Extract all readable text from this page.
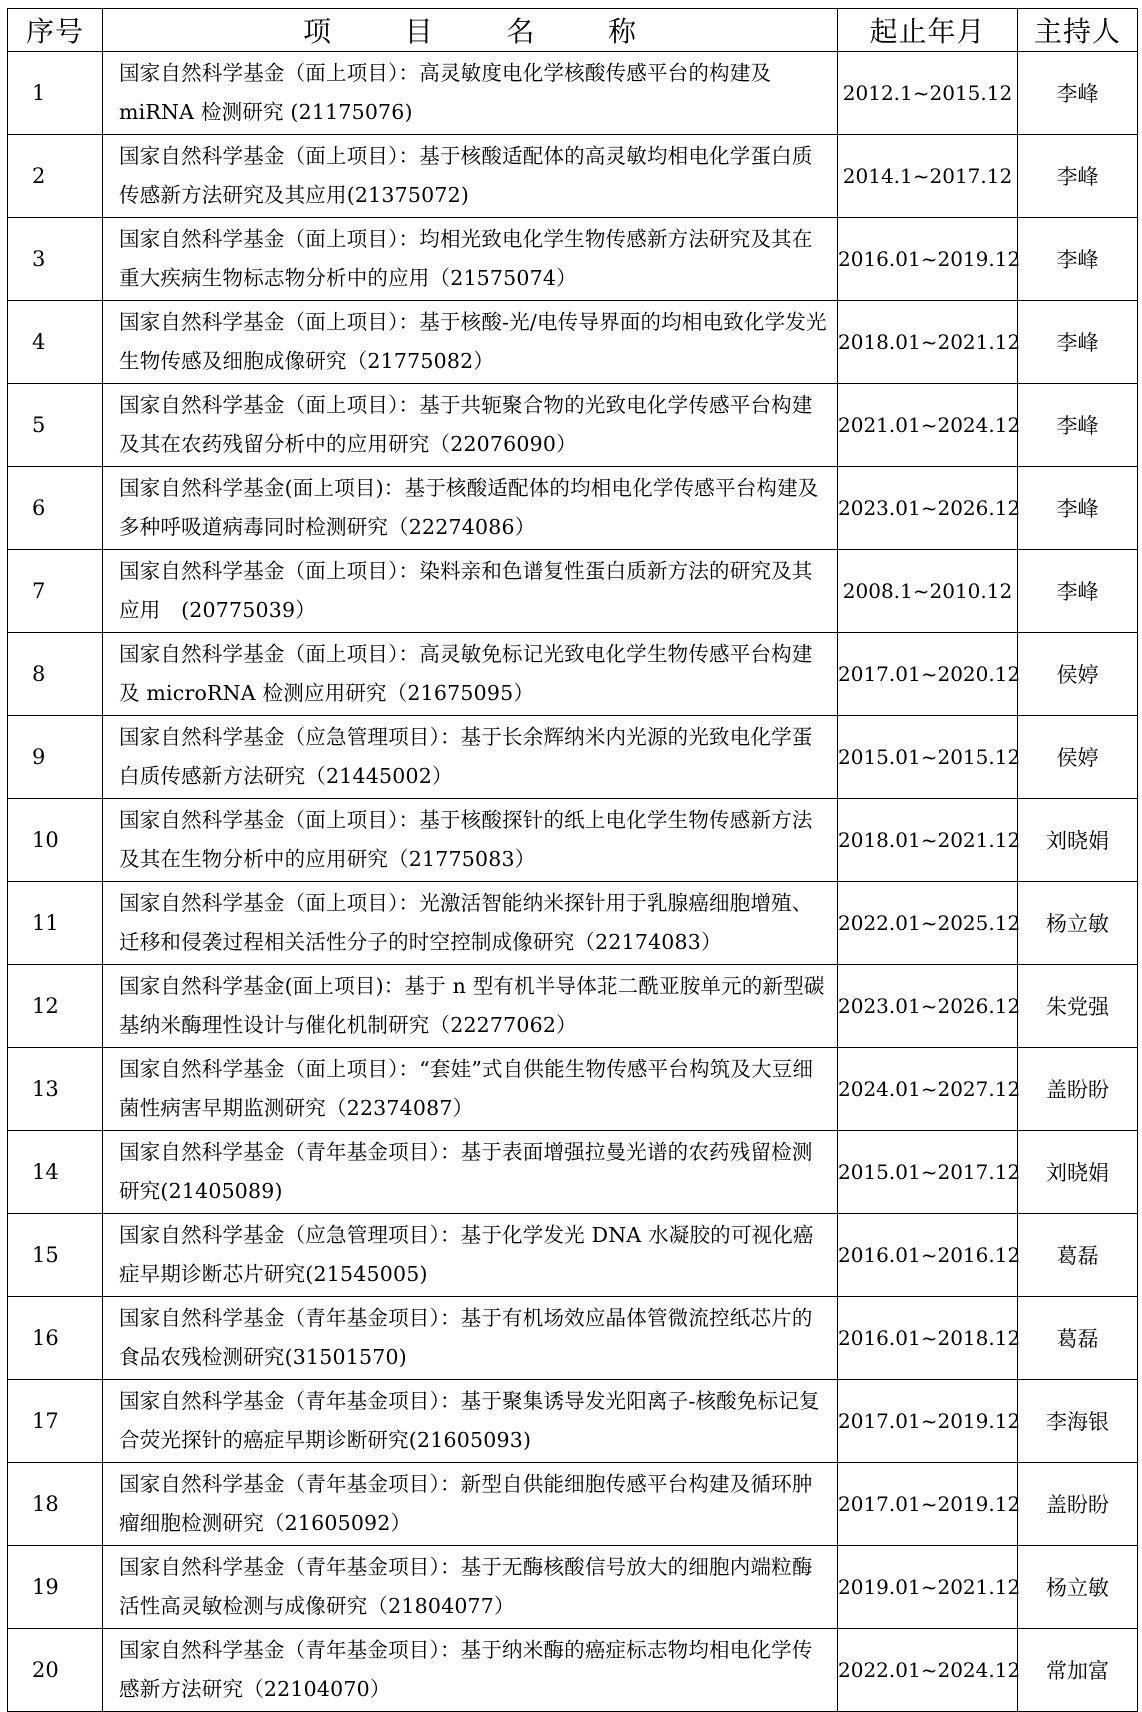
序号	项 目 名 称	起止年月	主持人
1	国家自然科学基金（面上项目）：高灵敏度电化学核酸传感平台的构建及 miRNA 检测研究 (21175076)	2012.1~2015.12	李峰
2	国家自然科学基金（面上项目）：基于核酸适配体的高灵敏均相电化学蛋白质传感新方法研究及其应用(21375072)	2014.1~2017.12	李峰
3	国家自然科学基金（面上项目）：均相光致电化学生物传感新方法研究及其在重大疾病生物标志物分析中的应用（21575074）	2016.01~2019.12	李峰
4	国家自然科学基金（面上项目）：基于核酸-光/电传导界面的均相电致化学发光生物传感及细胞成像研究（21775082）	2018.01~2021.12	李峰
5	国家自然科学基金（面上项目）：基于共轭聚合物的光致电化学传感平台构建及其在农药残留分析中的应用研究（22076090）	2021.01~2024.12	李峰
6	国家自然科学基金(面上项目)：基于核酸适配体的均相电化学传感平台构建及多种呼吸道病毒同时检测研究（22274086）	2023.01~2026.12	李峰
7	国家自然科学基金（面上项目）：染料亲和色谱复性蛋白质新方法的研究及其应用　(20775039）	2008.1~2010.12	李峰
8	国家自然科学基金（面上项目）：高灵敏免标记光致电化学生物传感平台构建及 microRNA 检测应用研究（21675095）	2017.01~2020.12	侯婷
9	国家自然科学基金（应急管理项目）：基于长余辉纳米内光源的光致电化学蛋白质传感新方法研究（21445002）	2015.01~2015.12	侯婷
10	国家自然科学基金（面上项目）：基于核酸探针的纸上电化学生物传感新方法及其在生物分析中的应用研究（21775083）	2018.01~2021.12	刘晓娟
11	国家自然科学基金（面上项目）：光激活智能纳米探针用于乳腺癌细胞增殖、迁移和侵袭过程相关活性分子的时空控制成像研究（22174083）	2022.01~2025.12	杨立敏
12	国家自然科学基金(面上项目)：基于 n 型有机半导体苝二酰亚胺单元的新型碳基纳米酶理性设计与催化机制研究（22277062）	2023.01~2026.12	朱党强
13	国家自然科学基金（面上项目）：“套娃”式自供能生物传感平台构筑及大豆细菌性病害早期监测研究（22374087）	2024.01~2027.12	盖盼盼
14	国家自然科学基金（青年基金项目）：基于表面增强拉曼光谱的农药残留检测研究(21405089)	2015.01~2017.12	刘晓娟
15	国家自然科学基金（应急管理项目）：基于化学发光 DNA 水凝胶的可视化癌症早期诊断芯片研究(21545005)	2016.01~2016.12	葛磊
16	国家自然科学基金（青年基金项目）：基于有机场效应晶体管微流控纸芯片的食品农残检测研究(31501570)	2016.01~2018.12	葛磊
17	国家自然科学基金（青年基金项目）：基于聚集诱导发光阳离子-核酸免标记复合荧光探针的癌症早期诊断研究(21605093)	2017.01~2019.12	李海银
18	国家自然科学基金（青年基金项目）：新型自供能细胞传感平台构建及循环肿瘤细胞检测研究（21605092）	2017.01~2019.12	盖盼盼
19	国家自然科学基金（青年基金项目）：基于无酶核酸信号放大的细胞内端粒酶活性高灵敏检测与成像研究（21804077）	2019.01~2021.12	杨立敏
20	国家自然科学基金（青年基金项目）：基于纳米酶的癌症标志物均相电化学传感新方法研究（22104070）	2022.01~2024.12	常加富
